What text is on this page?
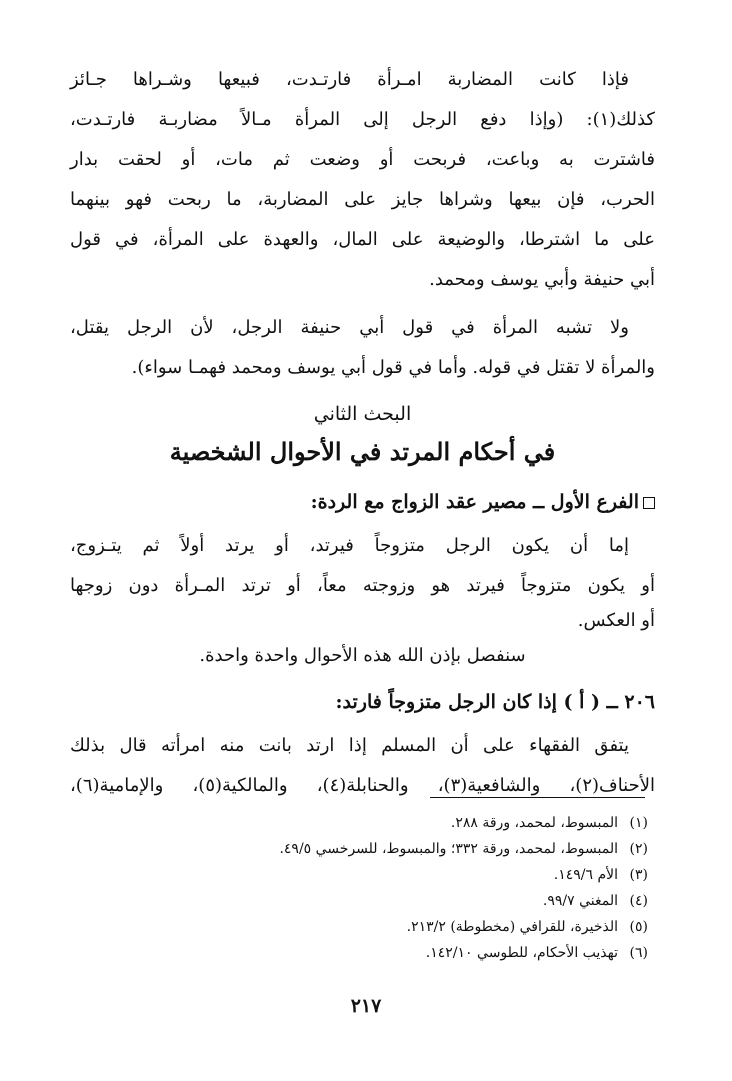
فإذا كانت المضاربة امـرأة فارتـدت، فبيعها وشـراها جـائز
كذلك(١): (وإذا دفع الرجل إلى المرأة مـالاً مضاربـة فارتـدت،
فاشترت به وباعت، فربحت أو وضعت ثم مات، أو لحقت بدار
الحرب، فإن بيعها وشراها جايز على المضاربة، ما ربحت فهو بينهما
على ما اشترطا، والوضيعة على المال، والعهدة على المرأة، في قول
أبي حنيفة وأبي يوسف ومحمد.
ولا تشبه المرأة في قول أبي حنيفة الرجل، لأن الرجل يقتل،
والمرأة لا تقتل في قوله. وأما في قول أبي يوسف ومحمد فهمـا سواء).

البحث الثاني

في أحكام المرتد في الأحوال الشخصية

الفرع الأول ــ مصير عقد الزواج مع الردة:
إما أن يكون الرجل متزوجاً فيرتد، أو يرتد أولاً ثم يتـزوج،
أو يكون متزوجاً فيرتد هو وزوجته معاً، أو ترتد المـرأة دون زوجها
أو العكس.

سنفصل بإذن الله هذه الأحوال واحدة واحدة.

٢٠٦ ــ ( أ ) إذا كان الرجل متزوجاً فارتد:
يتفق الفقهاء على أن المسلم إذا ارتد بانت منه امرأته قال بذلك
الأحناف(٢)، والشافعية(٣)، والحنابلة(٤)، والمالكية(٥)، والإمامية(٦)،
(١)
المبسوط، لمحمد، ورقة ٢٨٨.
(٢)
المبسوط، لمحمد، ورقة ٣٣٢؛ والمبسوط، للسرخسي ٤٩/٥.
(٣)
الأم ١٤٩/٦.
(٤)
المغني ٩٩/٧.
(٥)
الذخيرة، للقرافي (مخطوطة) ٢١٣/٢.
(٦)
تهذيب الأحكام، للطوسي ١٤٢/١٠.
٢١٧
